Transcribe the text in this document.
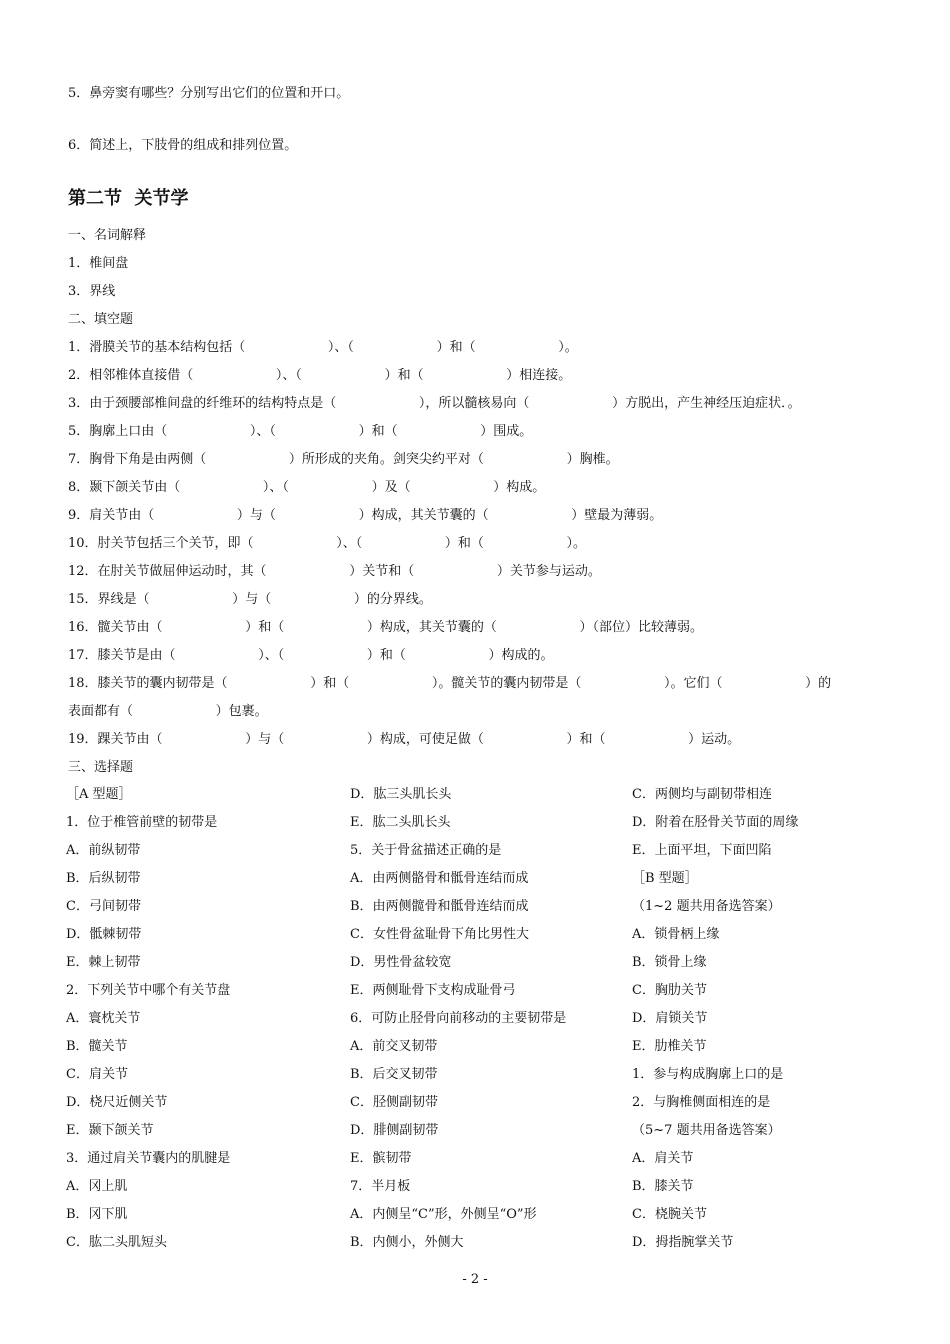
5．鼻旁窦有哪些？分别写出它们的位置和开口。

6．简述上，下肢骨的组成和排列位置。

第二节  关节学

一、名词解释

1．椎间盘

3．界线

二、填空题

1．滑膜关节的基本结构包括（                    ）、（                    ）和（                    ）。

2．相邻椎体直接借（                    ）、（                    ）和（                    ）相连接。

3．由于颈腰部椎间盘的纤维环的结构特点是（                    ），所以髓核易向（                    ）方脱出，产生神经压迫症状．。

5．胸廓上口由（                    ）、（                    ）和（                    ）围成。

7．胸骨下角是由两侧（                    ）所形成的夹角。剑突尖约平对（                    ）胸椎。

8．颞下颌关节由（                    ）、（                    ）及（                    ）构成。

9．肩关节由（                    ）与（                    ）构成，其关节囊的（                    ）壁最为薄弱。

10．肘关节包括三个关节，即（                    ）、（                    ）和（                    ）。

12．在肘关节做屈伸运动时，其（                    ）关节和（                    ）关节参与运动。

15．界线是（                    ）与（                    ）的分界线。

16．髋关节由（                    ）和（                    ）构成，其关节囊的（                    ）（部位）比较薄弱。

17．膝关节是由（                    ）、（                    ）和（                    ）构成的。

18．膝关节的囊内韧带是（                    ）和（                    ）。髋关节的囊内韧带是（                    ）。它们（                    ）的

表面都有（                    ）包裹。

19．踝关节由（                    ）与（                    ）构成，可使足做（                    ）和（                    ）运动。

三、选择题

［A 型题］
1．位于椎管前壁的韧带是
A．前纵韧带
B．后纵韧带
C．弓间韧带
D．骶棘韧带
E．棘上韧带
2．下列关节中哪个有关节盘
A．寰枕关节
B．髋关节
C．肩关节
D．桡尺近侧关节
E．颞下颌关节
3．通过肩关节囊内的肌腱是
A．冈上肌
B．冈下肌
C．肱二头肌短头
D．肱三头肌长头
E．肱二头肌长头
5．关于骨盆描述正确的是
A．由两侧骼骨和骶骨连结而成
B．由两侧髋骨和骶骨连结而成
C．女性骨盆耻骨下角比男性大
D．男性骨盆较宽
E．两侧耻骨下支构成耻骨弓
6．可防止胫骨向前移动的主要韧带是
A．前交叉韧带
B．后交叉韧带
C．胫侧副韧带
D．腓侧副韧带
E．髌韧带
7．半月板
A．内侧呈“C”形，外侧呈“O”形
B．内侧小，外侧大
C．两侧均与副韧带相连
D．附着在胫骨关节面的周缘
E．上面平坦，下面凹陷
［B 型题］
（1~2 题共用备选答案）
A．锁骨柄上缘
B．锁骨上缘
C．胸肋关节
D．肩锁关节
E．肋椎关节
1．参与构成胸廓上口的是
2．与胸椎侧面相连的是
（5~7 题共用备选答案）
A．肩关节
B．膝关节
C．桡腕关节
D．拇指腕掌关节
- 2 -
